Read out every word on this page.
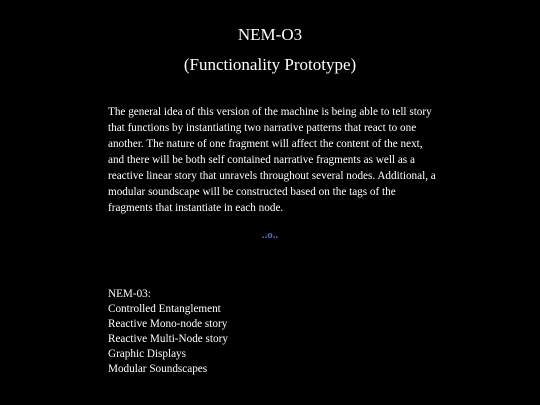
NEM-O3
(Functionality Prototype)

The general idea of this version of the machine is being able to tell story that functions by instantiating two narrative patterns that react to one another. The nature of one fragment will affect the content of the next, and there will be both self contained narrative fragments as well as a reactive linear story that unravels throughout several nodes. Additional, a modular soundscape will be constructed based on the tags of the fragments that instantiate in each node.

..o..
NEM-03:
Controlled Entanglement
Reactive Mono-node story
Reactive Multi-Node story
Graphic Displays
Modular Soundscapes
